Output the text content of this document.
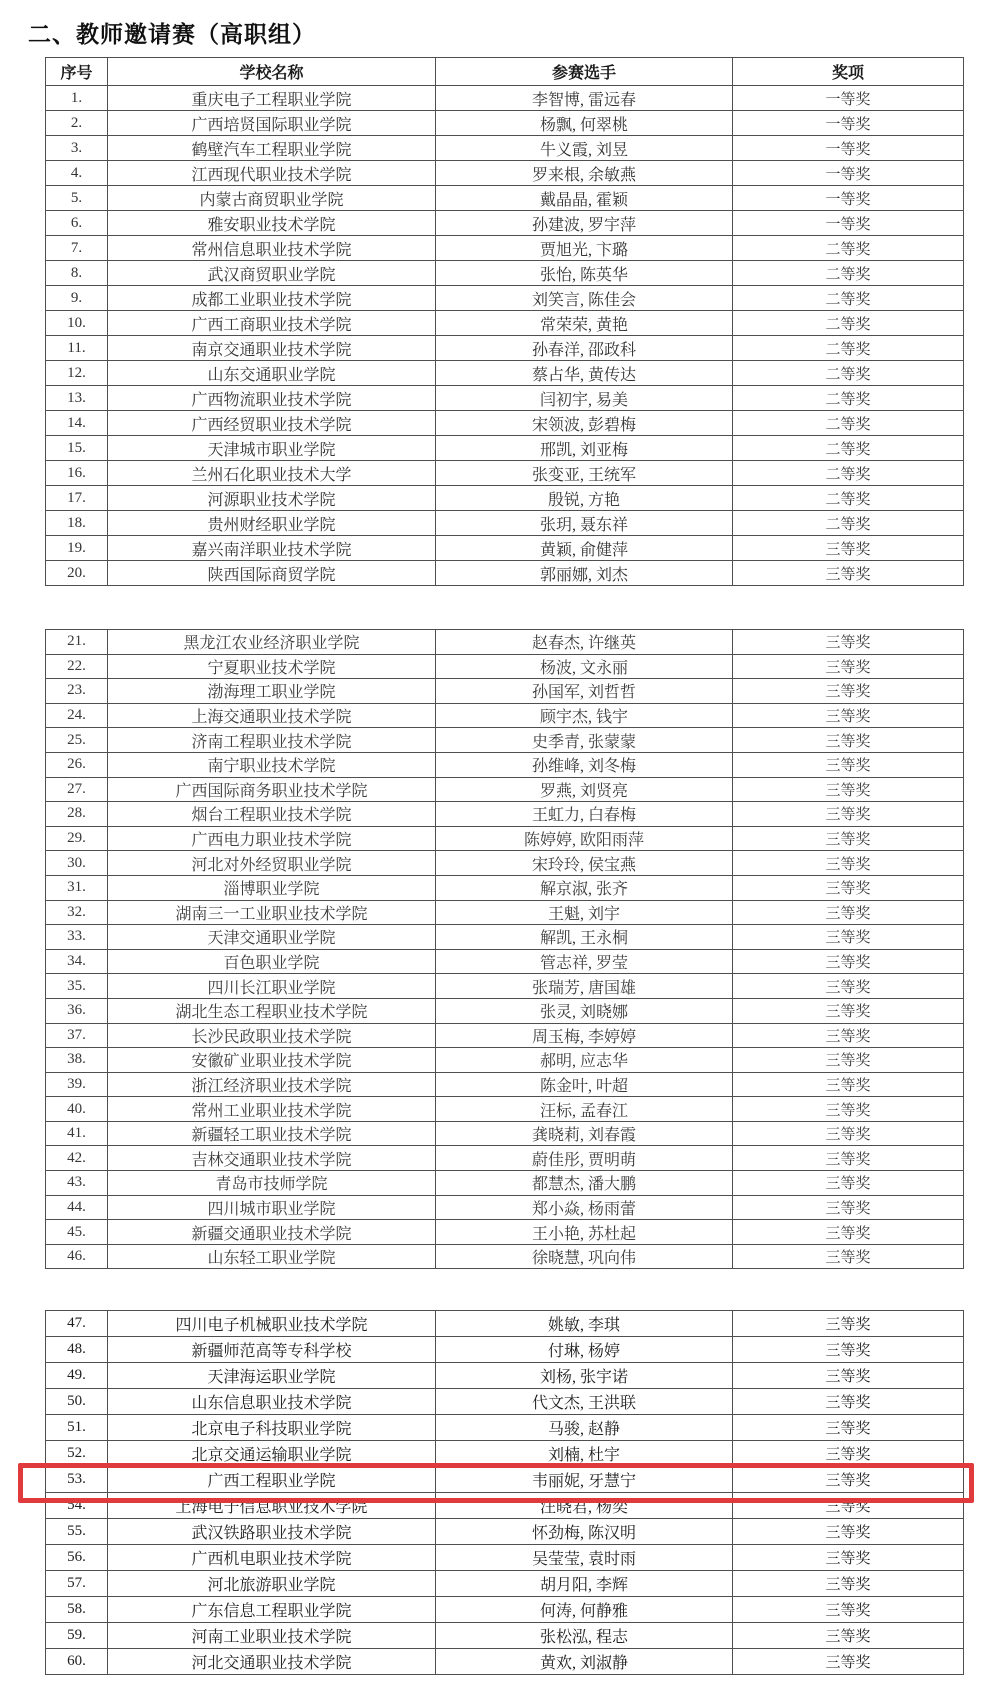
二、教师邀请赛（高职组）
序号	学校名称	参赛选手	奖项
1.	重庆电子工程职业学院	李智博, 雷远春	一等奖
2.	广西培贤国际职业学院	杨飘, 何翠桃	一等奖
3.	鹤壁汽车工程职业学院	牛义霞, 刘昱	一等奖
4.	江西现代职业技术学院	罗来根, 余敏燕	一等奖
5.	内蒙古商贸职业学院	戴晶晶, 霍颖	一等奖
6.	雅安职业技术学院	孙建波, 罗宇萍	一等奖
7.	常州信息职业技术学院	贾旭光, 卞璐	二等奖
8.	武汉商贸职业学院	张怡, 陈英华	二等奖
9.	成都工业职业技术学院	刘笑言, 陈佳会	二等奖
10.	广西工商职业技术学院	常荣荣, 黄艳	二等奖
11.	南京交通职业技术学院	孙春洋, 邵政科	二等奖
12.	山东交通职业学院	蔡占华, 黄传达	二等奖
13.	广西物流职业技术学院	闫初宇, 易美	二等奖
14.	广西经贸职业技术学院	宋领波, 彭碧梅	二等奖
15.	天津城市职业学院	邢凯, 刘亚梅	二等奖
16.	兰州石化职业技术大学	张变亚, 王统军	二等奖
17.	河源职业技术学院	殷锐, 方艳	二等奖
18.	贵州财经职业学院	张玥, 聂东祥	二等奖
19.	嘉兴南洋职业技术学院	黄颖, 俞健萍	三等奖
20.	陕西国际商贸学院	郭丽娜, 刘杰	三等奖
21.	黑龙江农业经济职业学院	赵春杰, 许继英	三等奖
22.	宁夏职业技术学院	杨波, 文永丽	三等奖
23.	渤海理工职业学院	孙国军, 刘哲哲	三等奖
24.	上海交通职业技术学院	顾宇杰, 钱宇	三等奖
25.	济南工程职业技术学院	史季青, 张蒙蒙	三等奖
26.	南宁职业技术学院	孙维峰, 刘冬梅	三等奖
27.	广西国际商务职业技术学院	罗燕, 刘贤亮	三等奖
28.	烟台工程职业技术学院	王虹力, 白春梅	三等奖
29.	广西电力职业技术学院	陈婷婷, 欧阳雨萍	三等奖
30.	河北对外经贸职业学院	宋玲玲, 侯宝燕	三等奖
31.	淄博职业学院	解京淑, 张齐	三等奖
32.	湖南三一工业职业技术学院	王魁, 刘宇	三等奖
33.	天津交通职业学院	解凯, 王永桐	三等奖
34.	百色职业学院	管志祥, 罗莹	三等奖
35.	四川长江职业学院	张瑞芳, 唐国雄	三等奖
36.	湖北生态工程职业技术学院	张灵, 刘晓娜	三等奖
37.	长沙民政职业技术学院	周玉梅, 李婷婷	三等奖
38.	安徽矿业职业技术学院	郝明, 应志华	三等奖
39.	浙江经济职业技术学院	陈金叶, 叶超	三等奖
40.	常州工业职业技术学院	汪标, 孟春江	三等奖
41.	新疆轻工职业技术学院	龚晓莉, 刘春霞	三等奖
42.	吉林交通职业技术学院	蔚佳彤, 贾明萌	三等奖
43.	青岛市技师学院	都慧杰, 潘大鹏	三等奖
44.	四川城市职业学院	郑小焱, 杨雨蕾	三等奖
45.	新疆交通职业技术学院	王小艳, 苏杜起	三等奖
46.	山东轻工职业学院	徐晓慧, 巩向伟	三等奖
47.	四川电子机械职业技术学院	姚敏, 李琪	三等奖
48.	新疆师范高等专科学校	付琳, 杨婷	三等奖
49.	天津海运职业学院	刘杨, 张宇诺	三等奖
50.	山东信息职业技术学院	代文杰, 王洪联	三等奖
51.	北京电子科技职业学院	马骏, 赵静	三等奖
52.	北京交通运输职业学院	刘楠, 杜宇	三等奖
53.	广西工程职业学院	韦丽妮, 牙慧宁	三等奖
54.	上海电子信息职业技术学院	汪晓君, 杨奕	三等奖
55.	武汉铁路职业技术学院	怀劲梅, 陈汉明	三等奖
56.	广西机电职业技术学院	吴莹莹, 袁时雨	三等奖
57.	河北旅游职业学院	胡月阳, 李辉	三等奖
58.	广东信息工程职业学院	何涛, 何静雅	三等奖
59.	河南工业职业技术学院	张松泓, 程志	三等奖
60.	河北交通职业技术学院	黄欢, 刘淑静	三等奖
